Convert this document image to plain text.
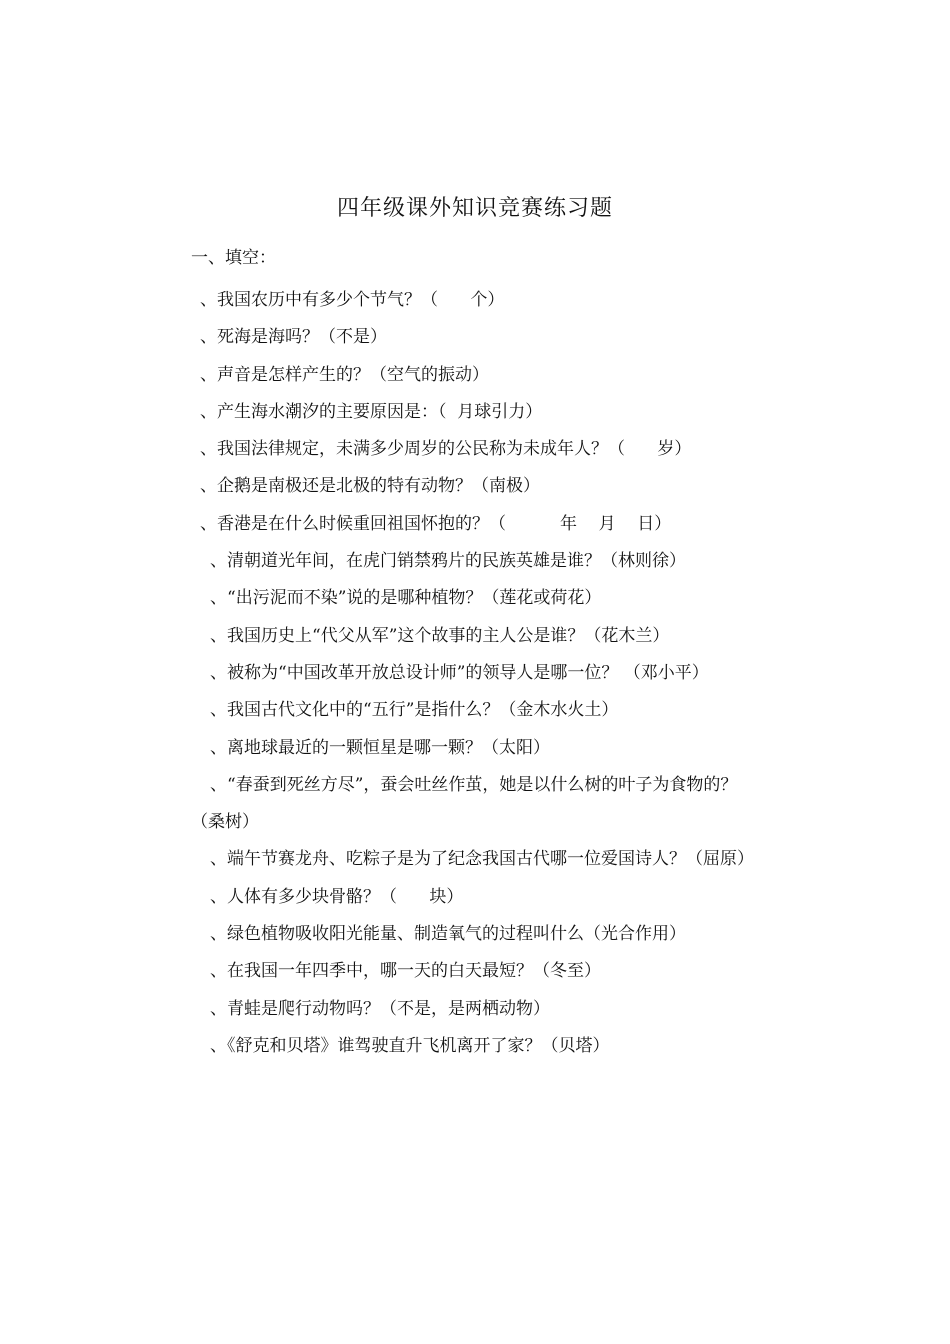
四年级课外知识竞赛练习题
一、填空：
、我国农历中有多少个节气？（      个）
、死海是海吗？（不是）
、声音是怎样产生的？（空气的振动）
、产生海水潮汐的主要原因是：（  月球引力）
、我国法律规定，未满多少周岁的公民称为未成年人？（      岁）
、企鹅是南极还是北极的特有动物？（南极）
、香港是在什么时候重回祖国怀抱的？（          年    月    日）
、清朝道光年间，在虎门销禁鸦片的民族英雄是谁？（林则徐）
、“出污泥而不染”说的是哪种植物？（莲花或荷花）
、我国历史上“代父从军”这个故事的主人公是谁？（花木兰）
、被称为“中国改革开放总设计师”的领导人是哪一位？ （邓小平）
、我国古代文化中的“五行”是指什么？（金木水火土）
、离地球最近的一颗恒星是哪一颗？（太阳）
、“春蚕到死丝方尽”，蚕会吐丝作茧，她是以什么树的叶子为食物的？（桑树）
、端午节赛龙舟、吃粽子是为了纪念我国古代哪一位爱国诗人？（屈原）
、人体有多少块骨骼？（      块）
、绿色植物吸收阳光能量、制造氧气的过程叫什么（光合作用）
、在我国一年四季中，哪一天的白天最短？（冬至）
、青蛙是爬行动物吗？（不是，是两栖动物）
、《舒克和贝塔》谁驾驶直升飞机离开了家？（贝塔）
